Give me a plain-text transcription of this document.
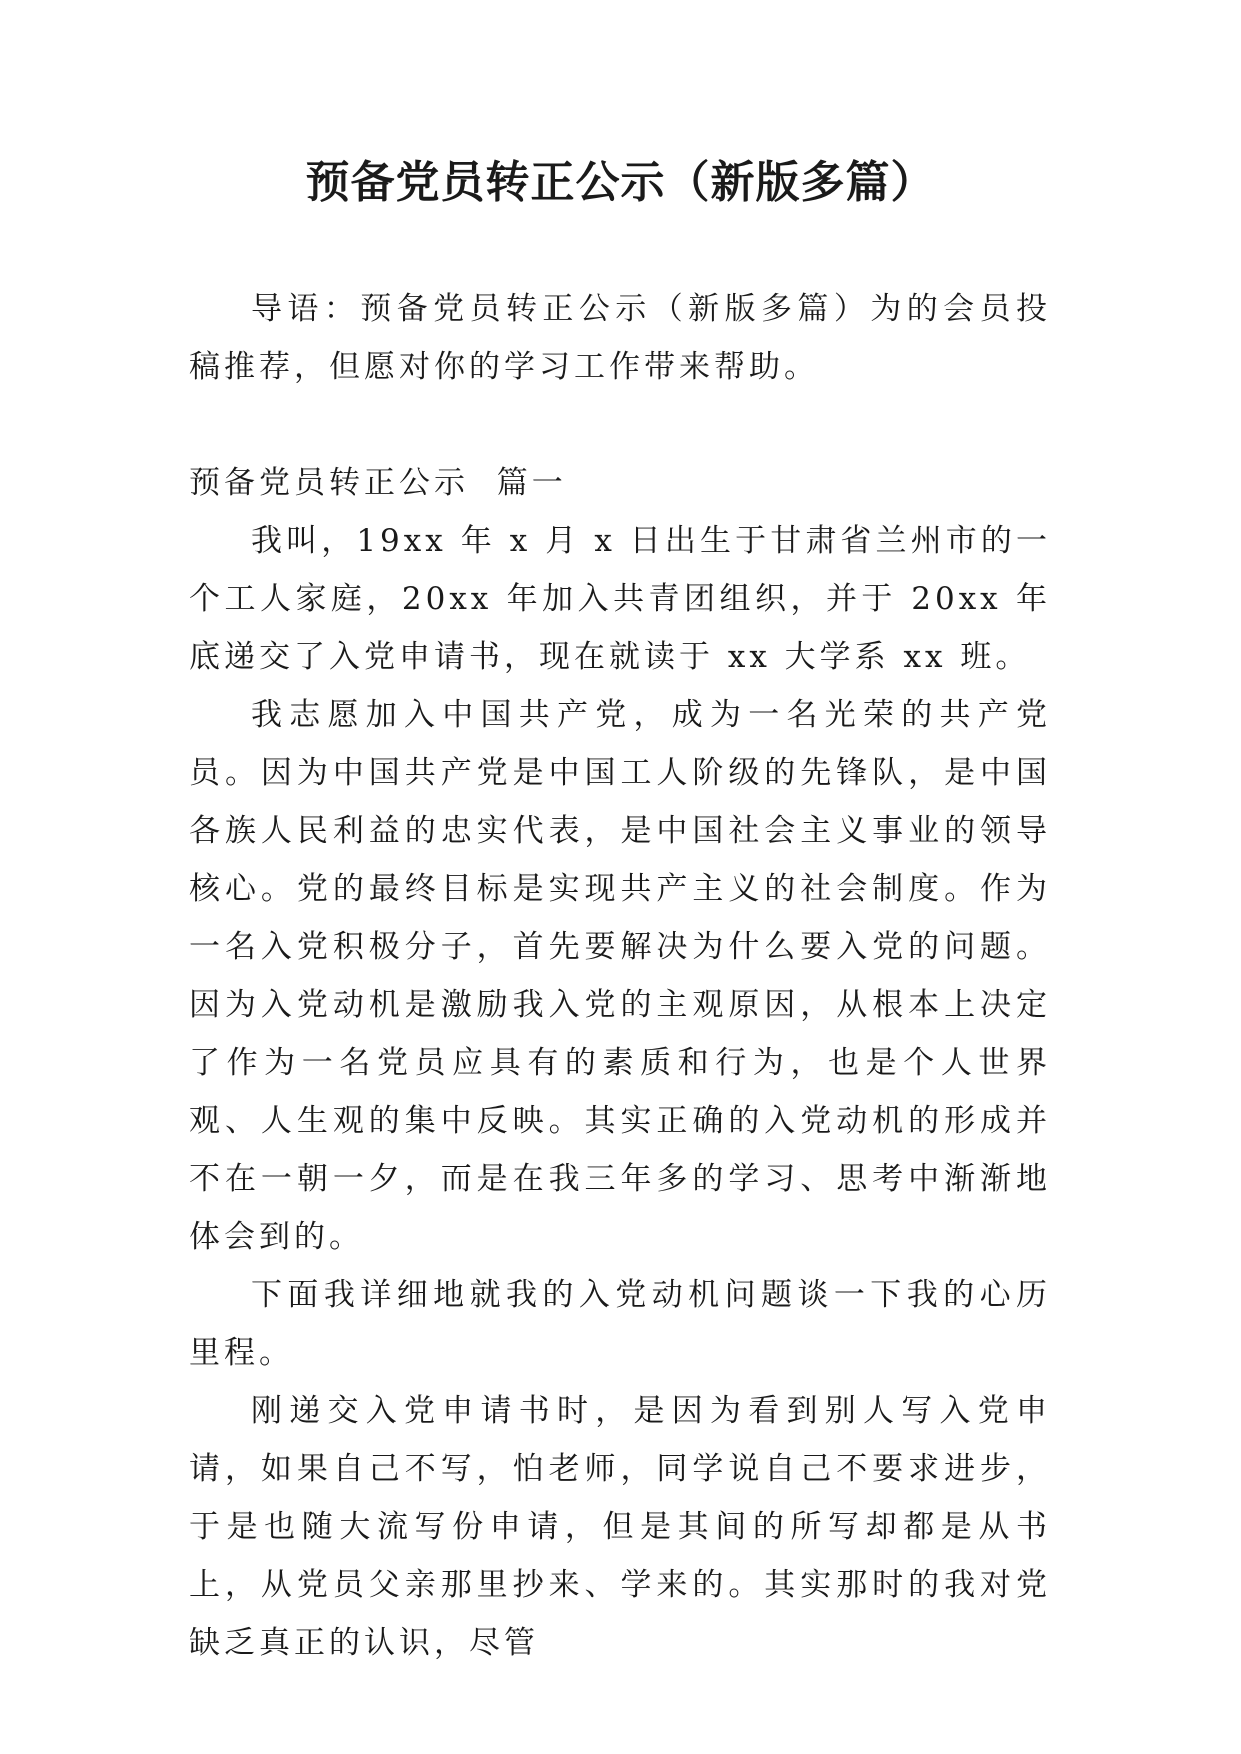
预备党员转正公示（新版多篇）

导语：预备党员转正公示（新版多篇）为的会员投稿推荐，但愿对你的学习工作带来帮助。

预备党员转正公示  篇一

我叫，19xx 年 x 月 x 日出生于甘肃省兰州市的一个工人家庭，20xx 年加入共青团组织，并于 20xx 年底递交了入党申请书，现在就读于 xx 大学系 xx 班。

我志愿加入中国共产党，成为一名光荣的共产党员。因为中国共产党是中国工人阶级的先锋队，是中国各族人民利益的忠实代表，是中国社会主义事业的领导核心。党的最终目标是实现共产主义的社会制度。作为一名入党积极分子，首先要解决为什么要入党的问题。因为入党动机是激励我入党的主观原因，从根本上决定了作为一名党员应具有的素质和行为，也是个人世界观、人生观的集中反映。其实正确的入党动机的形成并不在一朝一夕，而是在我三年多的学习、思考中渐渐地体会到的。

下面我详细地就我的入党动机问题谈一下我的心历里程。

刚递交入党申请书时，是因为看到别人写入党申请，如果自己不写，怕老师，同学说自己不要求进步，于是也随大流写份申请，但是其间的所写却都是从书上，从党员父亲那里抄来、学来的。其实那时的我对党缺乏真正的认识，尽管
